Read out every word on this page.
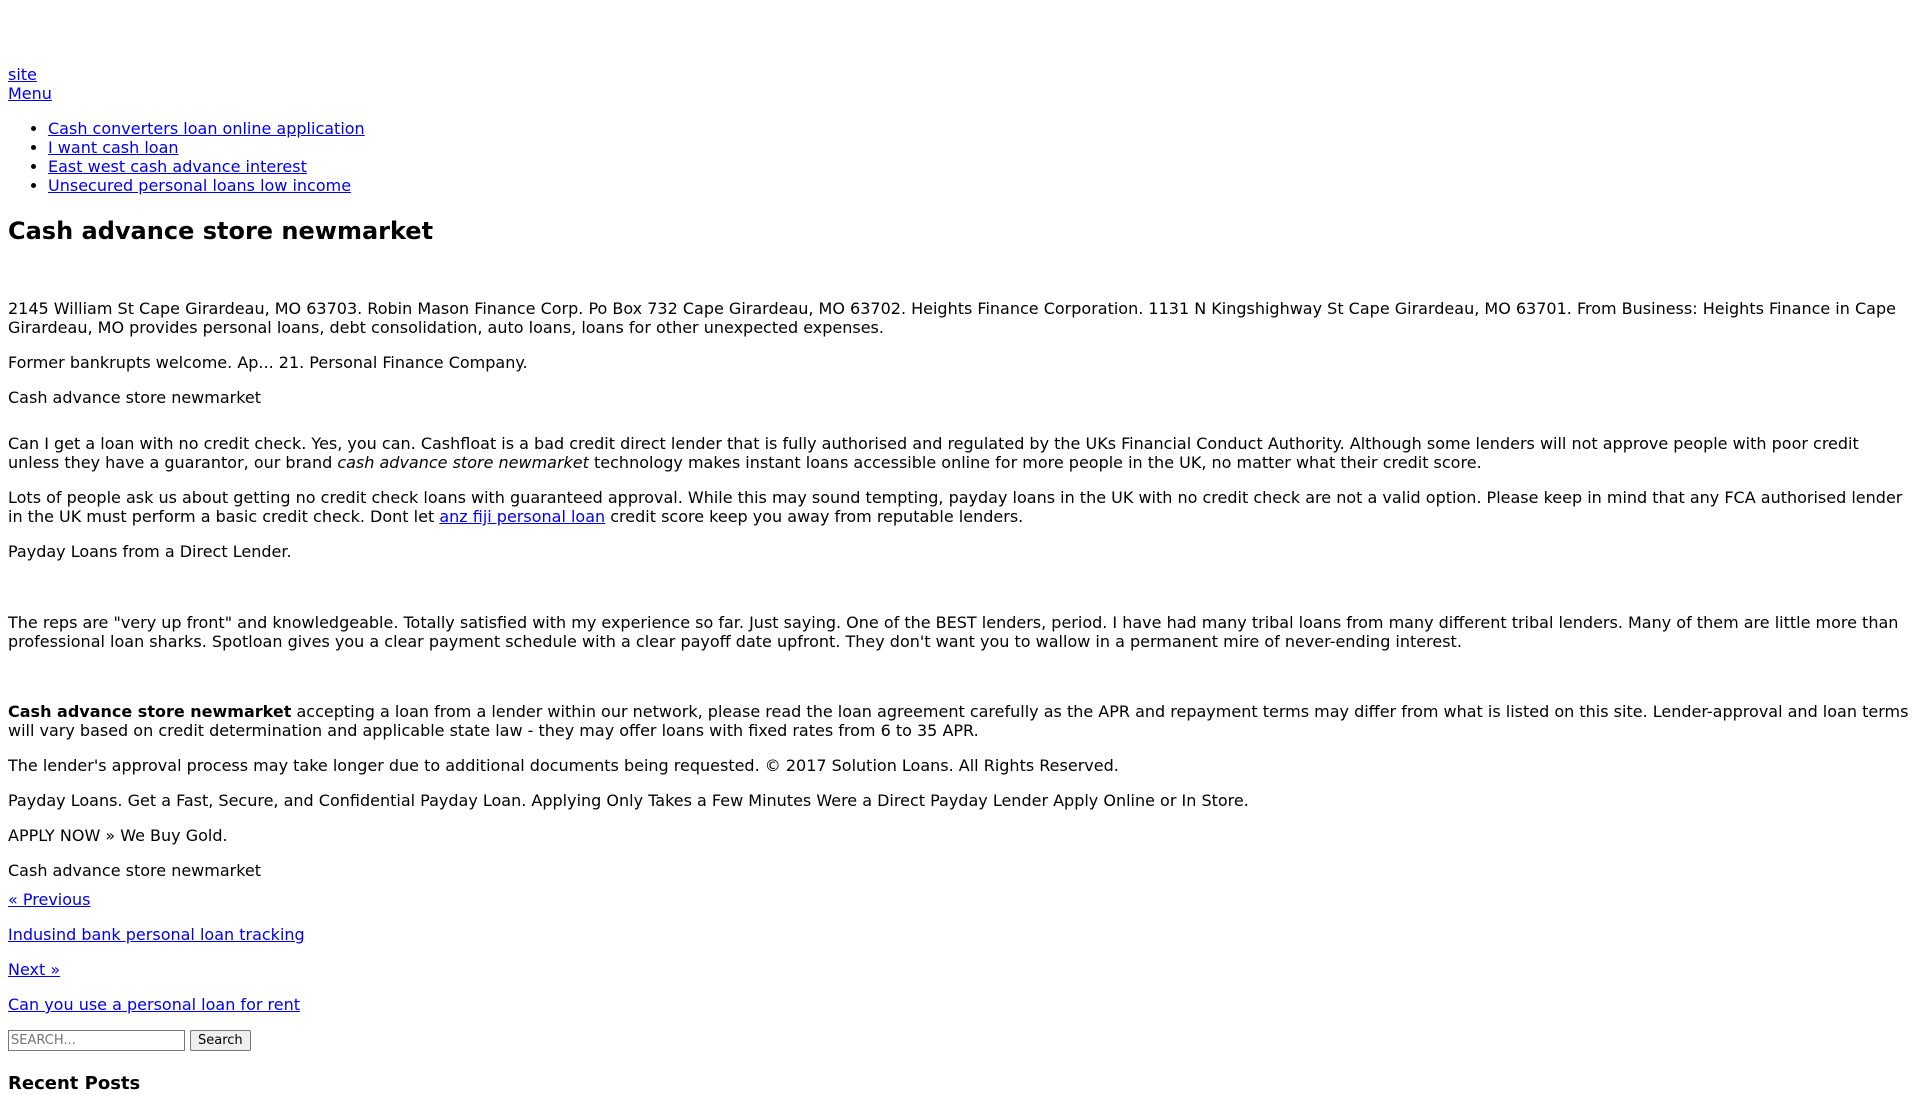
site
Menu
• Cash converters loan online application
• I want cash loan
• East west cash advance interest
• Unsecured personal loans low income
Cash advance store newmarket

2145 William St Cape Girardeau, MO 63703. Robin Mason Finance Corp. Po Box 732 Cape Girardeau, MO 63702. Heights Finance Corporation. 1131 N Kingshighway St Cape Girardeau, MO 63701. From Business: Heights Finance in Cape Girardeau, MO provides personal loans, debt consolidation, auto loans, loans for other unexpected expenses.

Former bankrupts welcome. Ap... 21. Personal Finance Company.

Cash advance store newmarket

Can I get a loan with no credit check. Yes, you can. Cashfloat is a bad credit direct lender that is fully authorised and regulated by the UKs Financial Conduct Authority. Although some lenders will not approve people with poor credit unless they have a guarantor, our brand cash advance store newmarket technology makes instant loans accessible online for more people in the UK, no matter what their credit score.

Lots of people ask us about getting no credit check loans with guaranteed approval. While this may sound tempting, payday loans in the UK with no credit check are not a valid option. Please keep in mind that any FCA authorised lender in the UK must perform a basic credit check. Dont let anz fiji personal loan credit score keep you away from reputable lenders.

Payday Loans from a Direct Lender.

The reps are "very up front" and knowledgeable. Totally satisfied with my experience so far. Just saying. One of the BEST lenders, period. I have had many tribal loans from many different tribal lenders. Many of them are little more than professional loan sharks. Spotloan gives you a clear payment schedule with a clear payoff date upfront. They don't want you to wallow in a permanent mire of never-ending interest.

Cash advance store newmarket accepting a loan from a lender within our network, please read the loan agreement carefully as the APR and repayment terms may differ from what is listed on this site. Lender-approval and loan terms will vary based on credit determination and applicable state law - they may offer loans with fixed rates from 6 to 35 APR.

The lender's approval process may take longer due to additional documents being requested. © 2017 Solution Loans. All Rights Reserved.

Payday Loans. Get a Fast, Secure, and Confidential Payday Loan. Applying Only Takes a Few Minutes Were a Direct Payday Lender Apply Online or In Store.

APPLY NOW » We Buy Gold.

Cash advance store newmarket

« Previous

Indusind bank personal loan tracking

Next »

Can you use a personal loan for rent

SEARCH...
Search
Recent Posts
